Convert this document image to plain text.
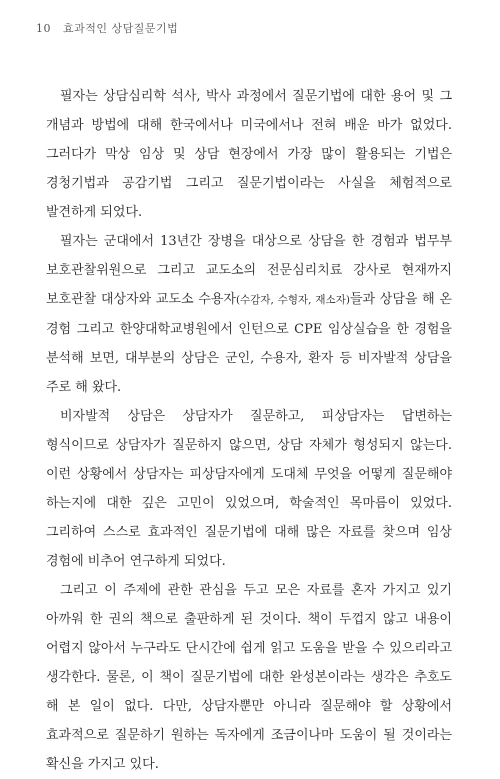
10 효과적인 상담질문기법

필자는 상담심리학 석사, 박사 과정에서 질문기법에 대한 용어 및 그 개념과 방법에 대해 한국에서나 미국에서나 전혀 배운 바가 없었다. 그러다가 막상 임상 및 상담 현장에서 가장 많이 활용되는 기법은 경청기법과 공감기법 그리고 질문기법이라는 사실을 체험적으로 발견하게 되었다.

필자는 군대에서 13년간 장병을 대상으로 상담을 한 경험과 법무부 보호관찰위원으로 그리고 교도소의 전문심리치료 강사로 현재까지 보호관찰 대상자와 교도소 수용자(수감자, 수형자, 재소자)들과 상담을 해 온 경험 그리고 한양대학교병원에서 인턴으로 CPE 임상실습을 한 경험을 분석해 보면, 대부분의 상담은 군인, 수용자, 환자 등 비자발적 상담을 주로 해 왔다.

비자발적 상담은 상담자가 질문하고, 피상담자는 답변하는 형식이므로 상담자가 질문하지 않으면, 상담 자체가 형성되지 않는다. 이런 상황에서 상담자는 피상담자에게 도대체 무엇을 어떻게 질문해야 하는지에 대한 깊은 고민이 있었으며, 학술적인 목마름이 있었다. 그리하여 스스로 효과적인 질문기법에 대해 많은 자료를 찾으며 임상 경험에 비추어 연구하게 되었다.

그리고 이 주제에 관한 관심을 두고 모은 자료를 혼자 가지고 있기 아까워 한 권의 책으로 출판하게 된 것이다. 책이 두껍지 않고 내용이 어렵지 않아서 누구라도 단시간에 쉽게 읽고 도움을 받을 수 있으리라고 생각한다. 물론, 이 책이 질문기법에 대한 완성본이라는 생각은 추호도 해 본 일이 없다. 다만, 상담자뿐만 아니라 질문해야 할 상황에서 효과적으로 질문하기 원하는 독자에게 조금이나마 도움이 될 것이라는 확신을 가지고 있다.
